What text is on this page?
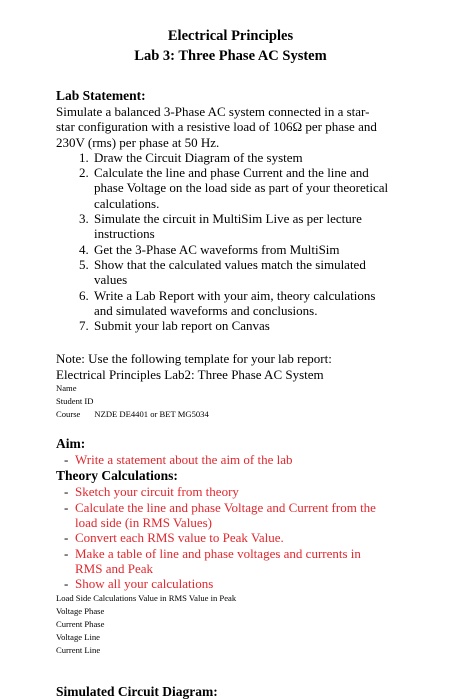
Electrical Principles
Lab 3: Three Phase AC System
Lab Statement:
Simulate a balanced 3-Phase AC system connected in a star-
star configuration with a resistive load of 106Ω per phase and
230V (rms) per phase at 50 Hz.
1. Draw the Circuit Diagram of the system
2. Calculate the line and phase Current and the line and
phase Voltage on the load side as part of your theoretical
calculations.
3. Simulate the circuit in MultiSim Live as per lecture
instructions
4. Get the 3-Phase AC waveforms from MultiSim
5. Show that the calculated values match the simulated
values
6. Write a Lab Report with your aim, theory calculations
and simulated waveforms and conclusions.
7. Submit your lab report on Canvas
Note: Use the following template for your lab report:
Electrical Principles Lab2: Three Phase AC System
Name
Student ID
Course NZDE DE4401 or BET MG5034
Aim:
- Write a statement about the aim of the lab
Theory Calculations:
- Sketch your circuit from theory
- Calculate the line and phase Voltage and Current from the
load side (in RMS Values)
- Convert each RMS value to Peak Value.
- Make a table of line and phase voltages and currents in
RMS and Peak
- Show all your calculations
Load Side Calculations Value in RMS Value in Peak
Voltage Phase
Current Phase
Voltage Line
Current Line
Simulated Circuit Diagram:
